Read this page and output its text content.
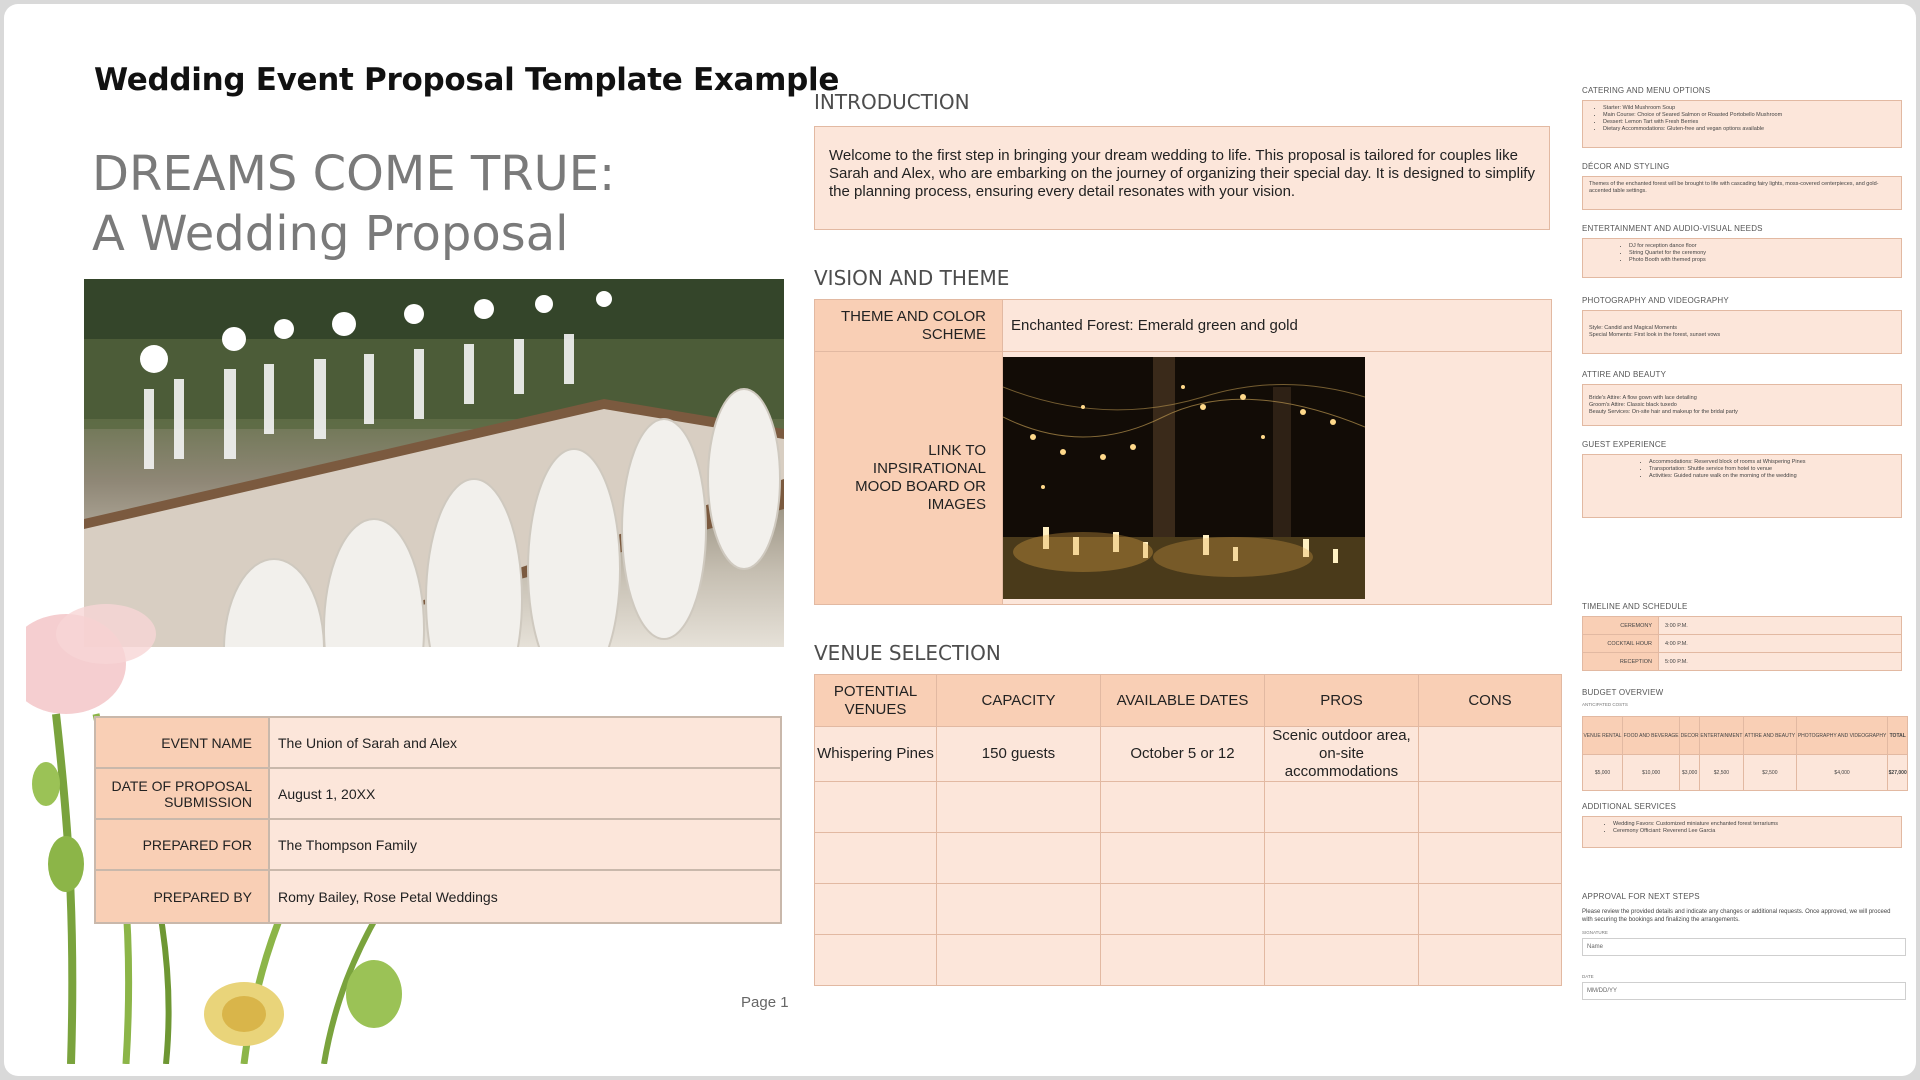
Wedding Event Proposal Template Example
DREAMS COME TRUE:
A Wedding Proposal
EVENT NAME	The Union of Sarah and Alex
DATE OF PROPOSAL SUBMISSION	August 1, 20XX
PREPARED FOR	The Thompson Family
PREPARED BY	Romy Bailey, Rose Petal Weddings
Page 1
INTRODUCTION
Welcome to the first step in bringing your dream wedding to life. This proposal is tailored for couples like Sarah and Alex, who are embarking on the journey of organizing their special day. It is designed to simplify the planning process, ensuring every detail resonates with your vision.
VISION AND THEME
THEME AND COLOR SCHEME	Enchanted Forest: Emerald green and gold
LINK TO INPSIRATIONAL MOOD BOARD OR IMAGES	
VENUE SELECTION
POTENTIAL VENUES	CAPACITY	AVAILABLE DATES	PROS	CONS
Whispering Pines	150 guests	October 5 or 12	Scenic outdoor area, on-site accommodations	

CATERING AND MENU OPTIONS
• Starter: Wild Mushroom Soup
• Main Course: Choice of Seared Salmon or Roasted Portobello Mushroom
• Dessert: Lemon Tart with Fresh Berries
• Dietary Accommodations: Gluten-free and vegan options available
DÉCOR AND STYLING
Themes of the enchanted forest will be brought to life with cascading fairy lights, moss-covered centerpieces, and gold-accented table settings.
ENTERTAINMENT AND AUDIO-VISUAL NEEDS
• DJ for reception dance floor
• String Quartet for the ceremony
• Photo Booth with themed props
PHOTOGRAPHY AND VIDEOGRAPHY
Style: Candid and Magical Moments
Special Moments: First look in the forest, sunset vows
ATTIRE AND BEAUTY
Bride's Attire: A flow gown with lace detailing
Groom's Attire: Classic black tuxedo
Beauty Services: On-site hair and makeup for the bridal party
GUEST EXPERIENCE
• Accommodations: Reserved block of rooms at Whispering Pines
• Transportation: Shuttle service from hotel to venue
• Activities: Guided nature walk on the morning of the wedding
TIMELINE AND SCHEDULE
CEREMONY	3:00 P.M.
COCKTAIL HOUR	4:00 P.M.
RECEPTION	5:00 P.M.
BUDGET OVERVIEW
ANTICIPATED COSTS
VENUE RENTAL	FOOD AND BEVERAGE	DECOR	ENTERTAINMENT	ATTIRE AND BEAUTY	PHOTOGRAPHY AND VIDEOGRAPHY	TOTAL
$5,000	$10,000	$3,000	$2,500	$2,500	$4,000	$27,000
ADDITIONAL SERVICES
• Wedding Favors: Customized miniature enchanted forest terrariums
• Ceremony Officiant: Reverend Lee Garcia
APPROVAL FOR NEXT STEPS
Please review the provided details and indicate any changes or additional requests. Once approved, we will proceed with securing the bookings and finalizing the arrangements.
SIGNATURE
Name
DATE
MM/DD/YY
